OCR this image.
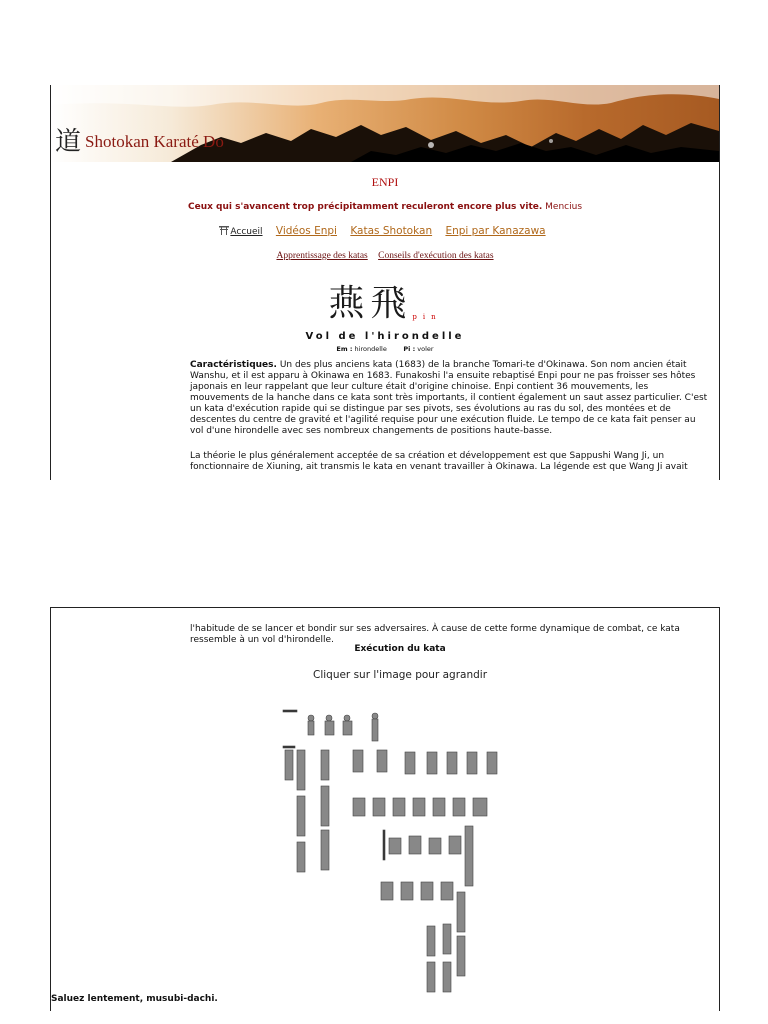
道 Shotokan Karaté Do
ENPI
Ceux qui s'avancent trop précipitamment reculeront encore plus vite. Mencius
Accueil Vidéos Enpi Katas Shotokan Enpi par Kanazawa
Apprentissage des katas Conseils d'exécution des katas
燕飛pin
Vol de l'hirondelle
Em : hirondelle	Pi : voler

Caractéristiques. Un des plus anciens kata (1683) de la branche Tomari-te d'Okinawa. Son nom ancien était Wanshu, et il est apparu à Okinawa en 1683. Funakoshi l'a ensuite rebaptisé Enpi pour ne pas froisser ses hôtes japonais en leur rappelant que leur culture était d'origine chinoise. Enpi contient 36 mouvements, les mouvements de la hanche dans ce kata sont très importants, il contient également un saut assez particulier. C'est un kata d'exécution rapide qui se distingue par ses pivots, ses évolutions au ras du sol, des montées et de descentes du centre de gravité et l'agilité requise pour une exécution fluide. Le tempo de ce kata fait penser au vol d'une hirondelle avec ses nombreux changements de positions haute-basse.

La théorie le plus généralement acceptée de sa création et développement est que Sappushi Wang Ji, un fonctionnaire de Xiuning, ait transmis le kata en venant travailler à Okinawa. La légende est que Wang Ji avait

l'habitude de se lancer et bondir sur ses adversaires. À cause de cette forme dynamique de combat, ce kata ressemble à un vol d'hirondelle.

Exécution du kata
Cliquer sur l'image pour agrandir
Saluez lentement, musubi-dachi.
